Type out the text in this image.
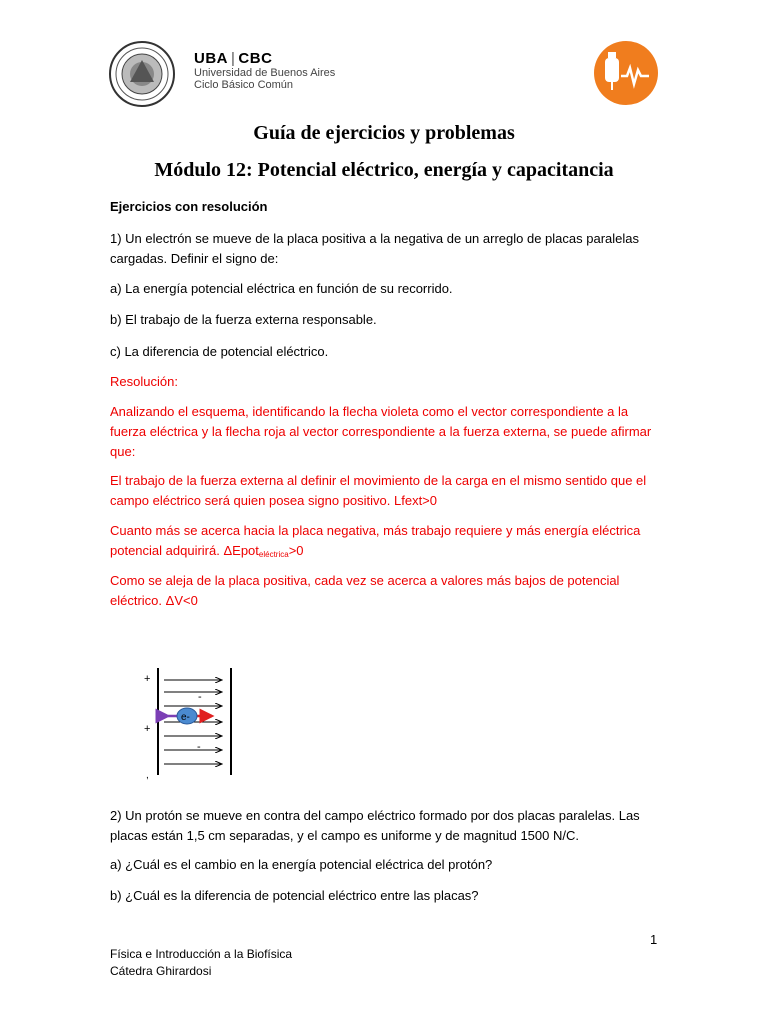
UBA | CBC
Universidad de Buenos Aires
Ciclo Básico Común
Guía de ejercicios y problemas
Módulo 12: Potencial eléctrico, energía y capacitancia
Ejercicios con resolución
1) Un electrón se mueve de la placa positiva a la negativa de un arreglo de placas paralelas cargadas. Definir el signo de:
a) La energía potencial eléctrica en función de su recorrido.
b) El trabajo de la fuerza externa responsable.
c) La diferencia de potencial eléctrico.
Resolución:
Analizando el esquema, identificando la flecha violeta como el vector correspondiente a la fuerza eléctrica y la flecha roja al vector correspondiente a la fuerza externa, se puede afirmar que:
El trabajo de la fuerza externa al definir el movimiento de la carga en el mismo sentido que el campo eléctrico será quien posea signo positivo. Lfext>0
Cuanto más se acerca hacia la placa negativa, más trabajo requiere y más energía eléctrica potencial adquirirá. ΔEpot$_{eléctrica}$>0
Como se aleja de la placa positiva, cada vez se acerca a valores más bajos de potencial eléctrico. ΔV<0
+
+
-
-
,
e-
2) Un protón se mueve en contra del campo eléctrico formado por dos placas paralelas. Las placas están 1,5 cm separadas, y el campo es uniforme y de magnitud 1500 N/C.
a) ¿Cuál es el cambio en la energía potencial eléctrica del protón?
b) ¿Cuál es la diferencia de potencial eléctrico entre las placas?
1
Física e Introducción a la Biofísica
Cátedra Ghirardosi
